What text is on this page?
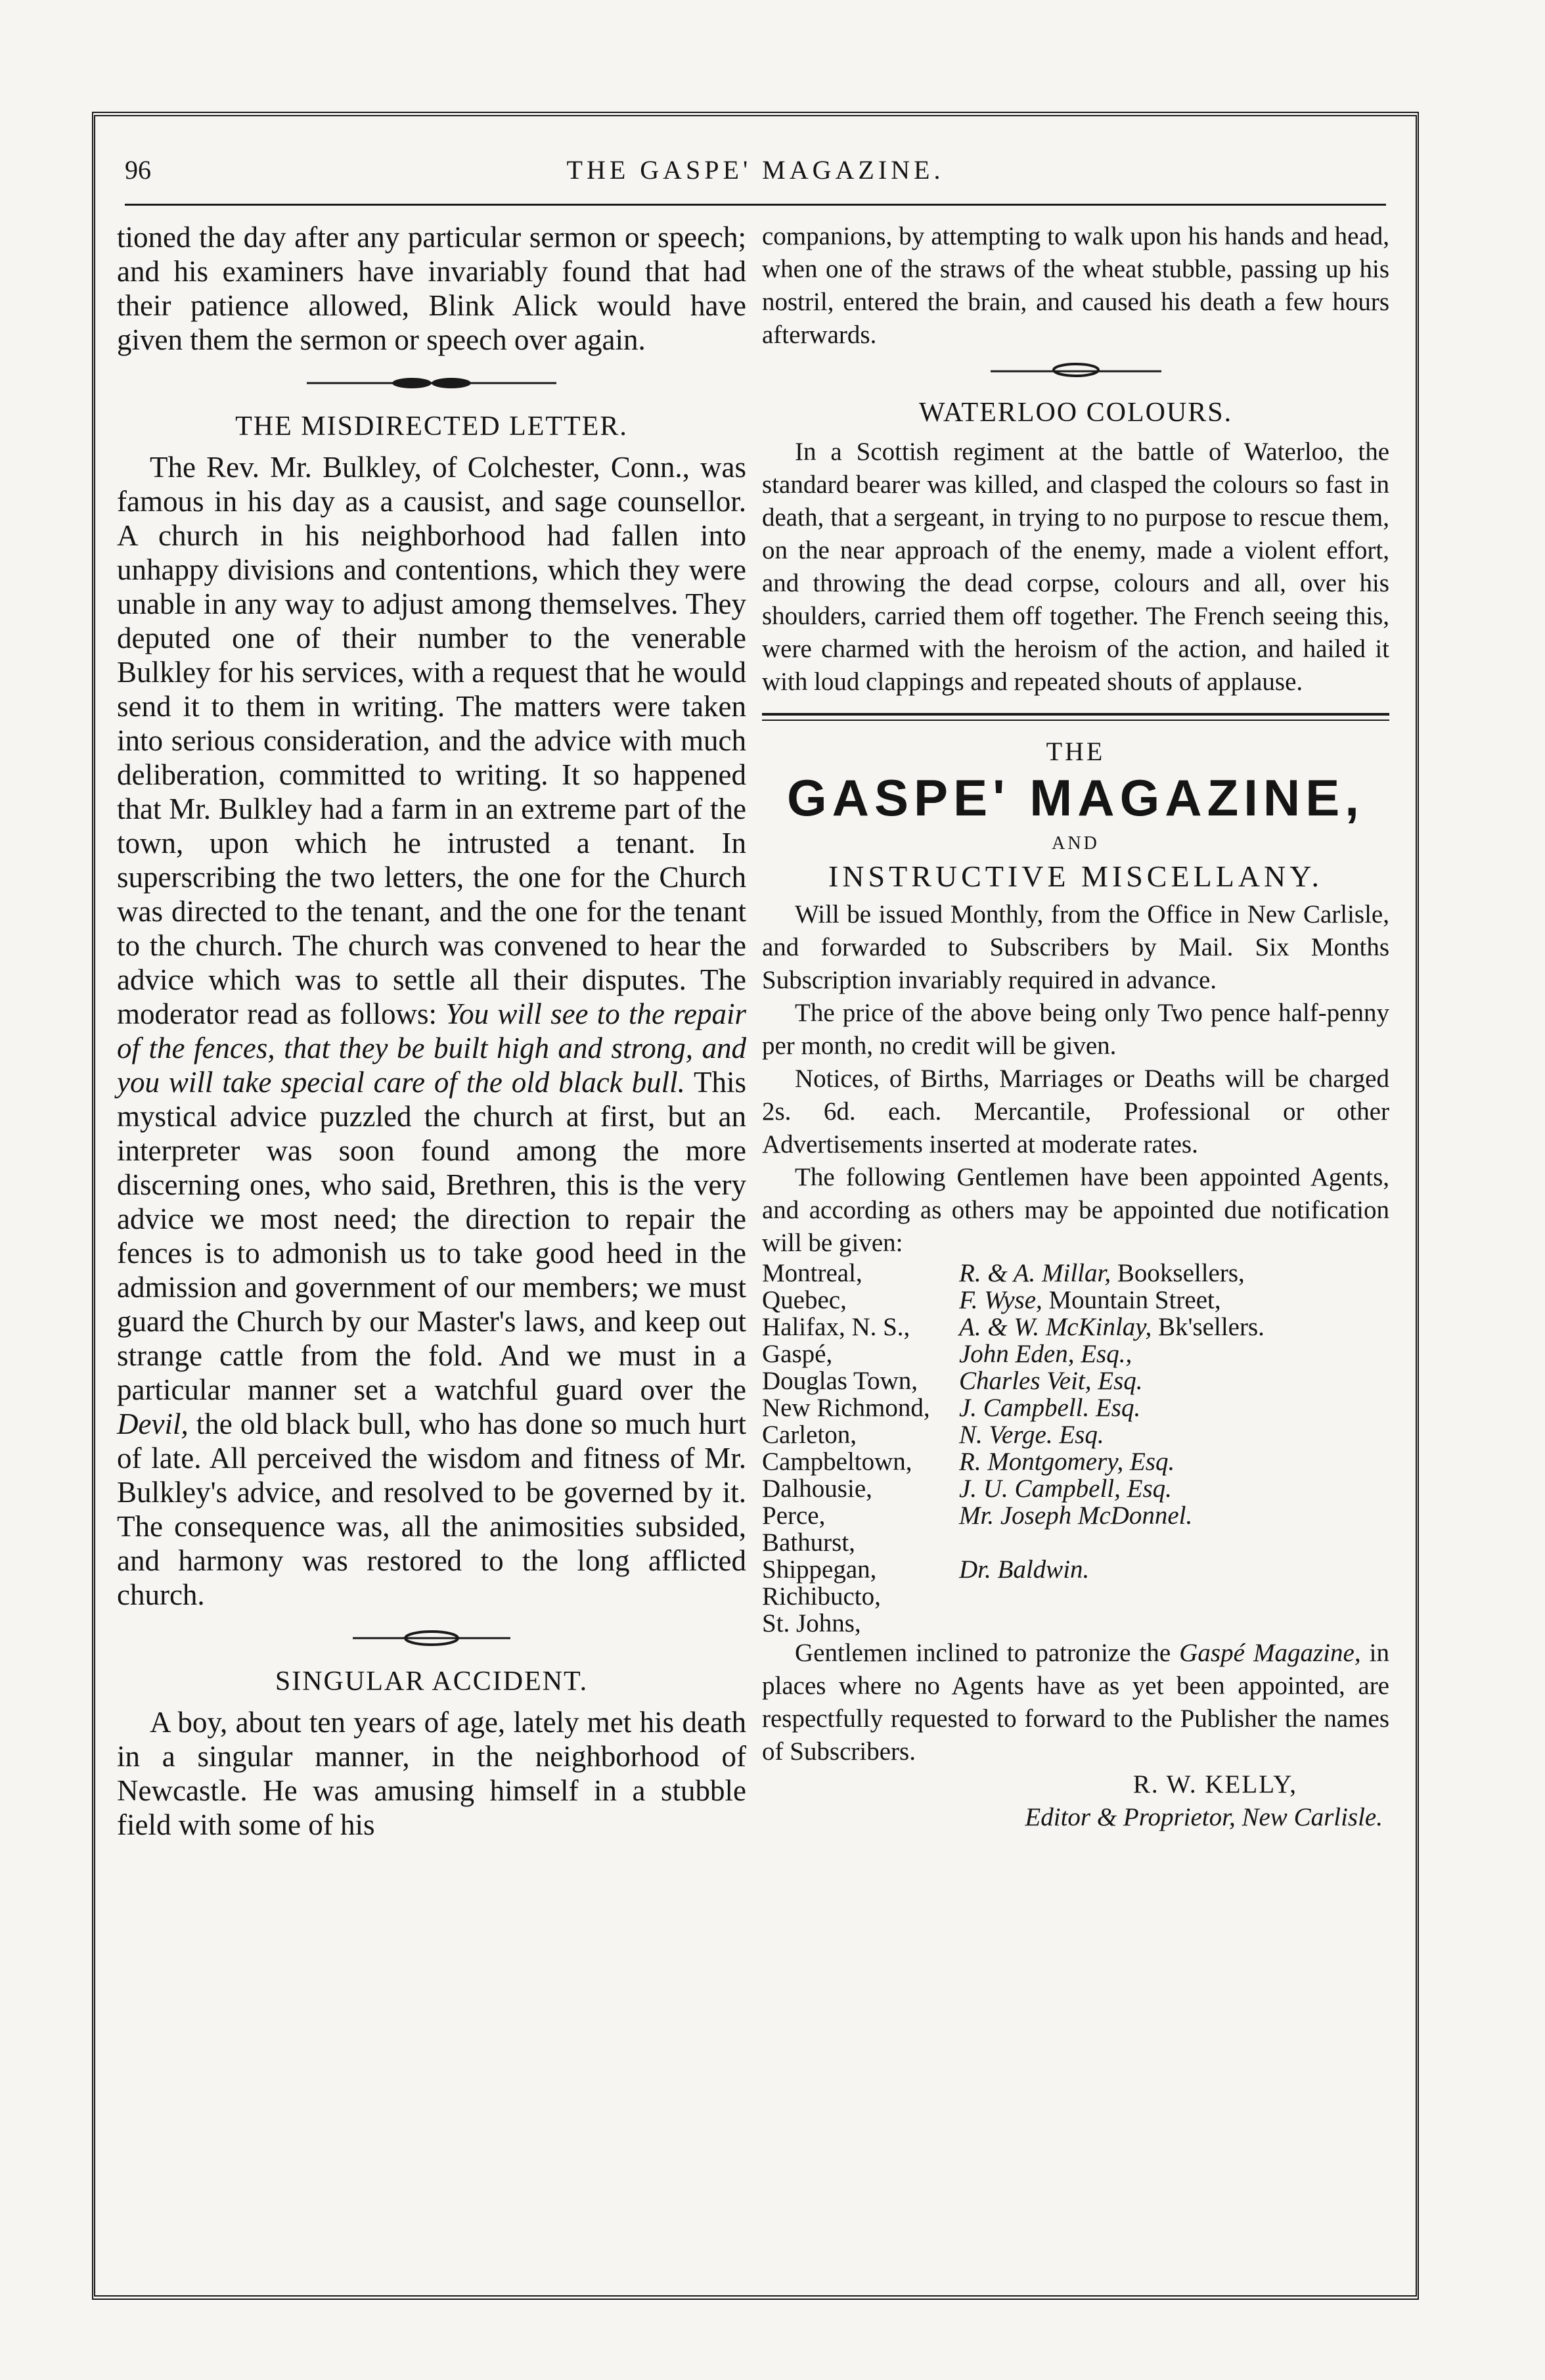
96	THE GASPE' MAGAZINE.

tioned the day after any particular sermon or speech; and his examiners have invariably found that had their patience allowed, Blink Alick would have given them the sermon or speech over again.

THE MISDIRECTED LETTER.

The Rev. Mr. Bulkley, of Colchester, Conn., was famous in his day as a causist, and sage counsellor. A church in his neighborhood had fallen into unhappy divisions and contentions, which they were unable in any way to adjust among themselves. They deputed one of their number to the venerable Bulkley for his services, with a request that he would send it to them in writing. The matters were taken into serious consideration, and the advice with much deliberation, committed to writing. It so happened that Mr. Bulkley had a farm in an extreme part of the town, upon which he intrusted a tenant. In superscribing the two letters, the one for the Church was directed to the tenant, and the one for the tenant to the church. The church was convened to hear the advice which was to settle all their disputes. The moderator read as follows: You will see to the repair of the fences, that they be built high and strong, and you will take special care of the old black bull. This mystical advice puzzled the church at first, but an interpreter was soon found among the more discerning ones, who said, Brethren, this is the very advice we most need; the direction to repair the fences is to admonish us to take good heed in the admission and government of our members; we must guard the Church by our Master's laws, and keep out strange cattle from the fold. And we must in a particular manner set a watchful guard over the Devil, the old black bull, who has done so much hurt of late. All perceived the wisdom and fitness of Mr. Bulkley's advice, and resolved to be governed by it. The consequence was, all the animosities subsided, and harmony was restored to the long afflicted church.

SINGULAR ACCIDENT.

A boy, about ten years of age, lately met his death in a singular manner, in the neighborhood of Newcastle. He was amusing himself in a stubble field with some of his

companions, by attempting to walk upon his hands and head, when one of the straws of the wheat stubble, passing up his nostril, entered the brain, and caused his death a few hours afterwards.

WATERLOO COLOURS.

In a Scottish regiment at the battle of Waterloo, the standard bearer was killed, and clasped the colours so fast in death, that a sergeant, in trying to no purpose to rescue them, on the near approach of the enemy, made a violent effort, and throwing the dead corpse, colours and all, over his shoulders, carried them off together. The French seeing this, were charmed with the heroism of the action, and hailed it with loud clappings and repeated shouts of applause.

THE
GASPE' MAGAZINE,
AND
INSTRUCTIVE MISCELLANY.

Will be issued Monthly, from the Office in New Carlisle, and forwarded to Subscribers by Mail. Six Months Subscription invariably required in advance.

The price of the above being only Two pence half-penny per month, no credit will be given.

Notices, of Births, Marriages or Deaths will be charged 2s. 6d. each. Mercantile, Professional or other Advertisements inserted at moderate rates.

The following Gentlemen have been appointed Agents, and according as others may be appointed due notification will be given:

Montreal,	R. & A. Millar, Booksellers,
Quebec,	F. Wyse, Mountain Street,
Halifax, N. S.,	A. & W. McKinlay, Bk'sellers.
Gaspé,	John Eden, Esq.,
Douglas Town,	Charles Veit, Esq.
New Richmond,	J. Campbell. Esq.
Carleton,	N. Verge. Esq.
Campbeltown,	R. Montgomery, Esq.
Dalhousie,	J. U. Campbell, Esq.
Perce,	Mr. Joseph McDonnel.
Bathurst,	
Shippegan,	Dr. Baldwin.
Richibucto,	
St. Johns,	

Gentlemen inclined to patronize the Gaspé Magazine, in places where no Agents have as yet been appointed, are respectfully requested to forward to the Publisher the names of Subscribers.

R. W. KELLY,
Editor & Proprietor, New Carlisle.
